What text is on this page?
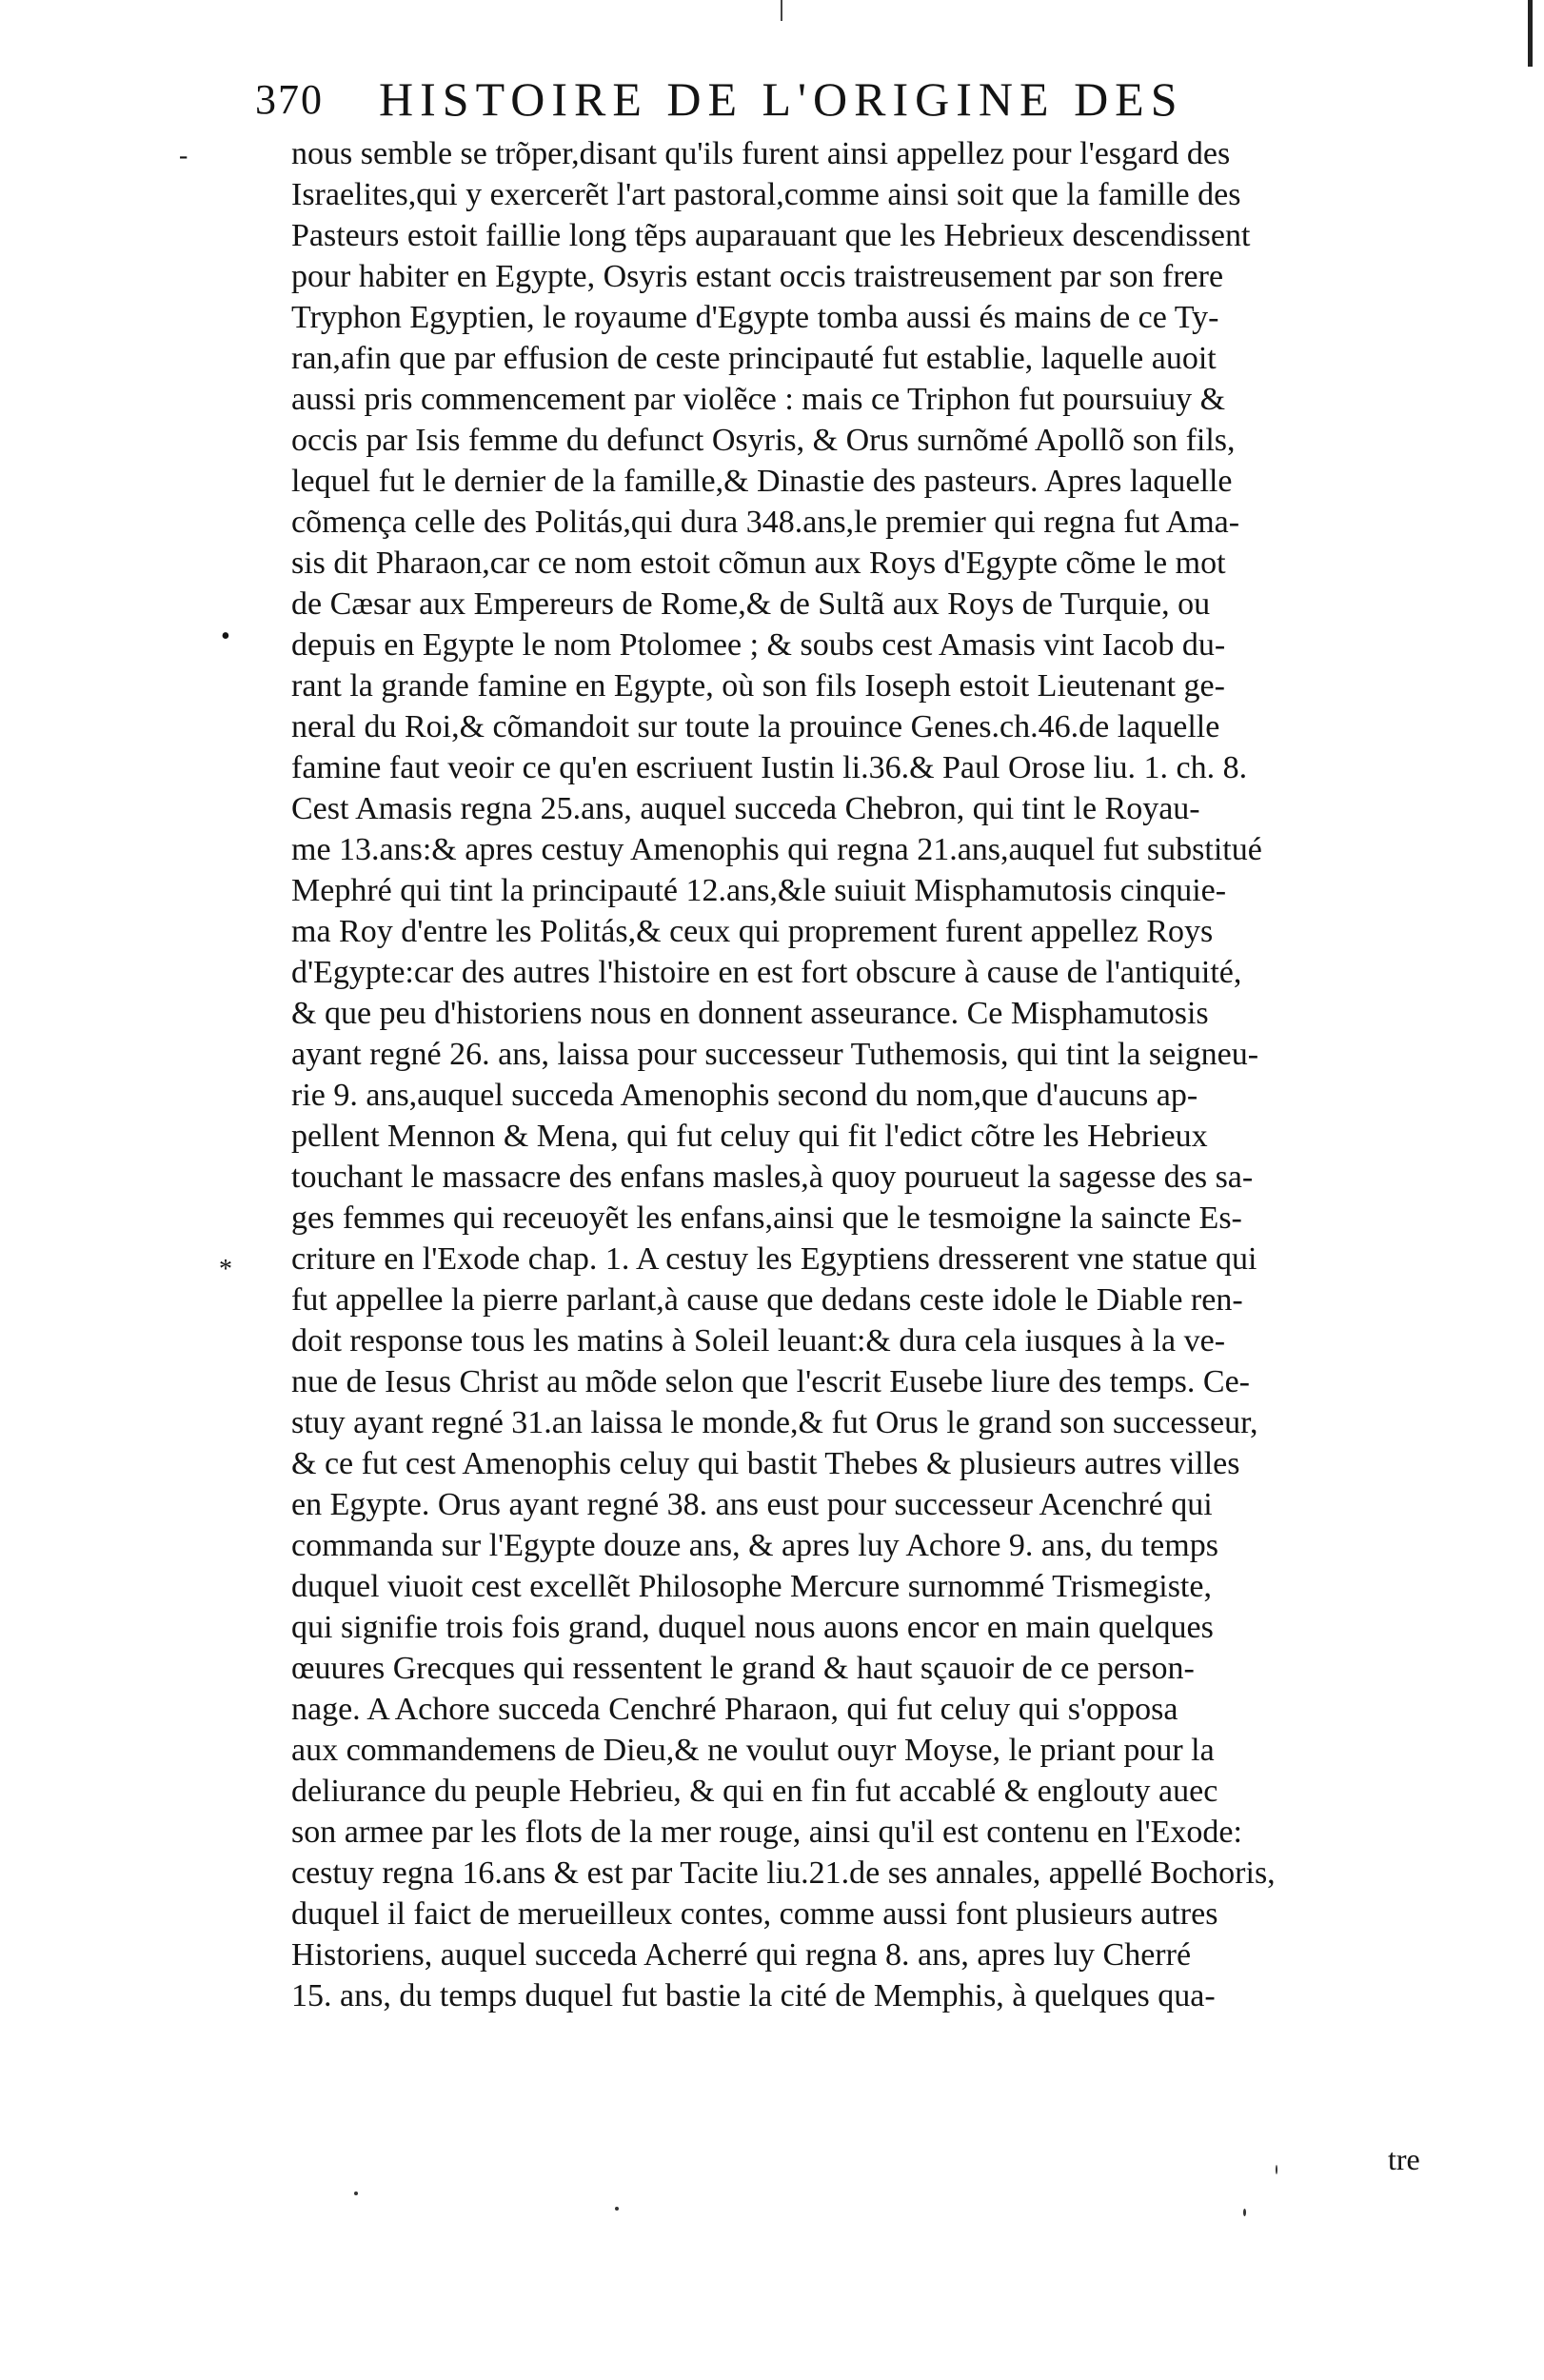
370	HISTOIRE DE L'ORIGINE DES
-
•
*
nous semble se trõper,disant qu'ils furent ainsi appellez pour l'esgard des
Israelites,qui y exercerẽt l'art pastoral,comme ainsi soit que la famille des
Pasteurs estoit faillie long tẽps auparauant que les Hebrieux descendissent
pour habiter en Egypte, Osyris estant occis traistreusement par son frere
Tryphon Egyptien, le royaume d'Egypte tomba aussi és mains de ce Ty-
ran,afin que par effusion de ceste principauté fut establie, laquelle auoit
aussi pris commencement par violẽce : mais ce Triphon fut poursuiuy &
occis par Isis femme du defunct Osyris, & Orus surnõmé Apollõ son fils,
lequel fut le dernier de la famille,& Dinastie des pasteurs. Apres laquelle
cõmença celle des Politás,qui dura 348.ans,le premier qui regna fut Ama-
sis dit Pharaon,car ce nom estoit cõmun aux Roys d'Egypte cõme le mot
de Cæsar aux Empereurs de Rome,& de Sultã aux Roys de Turquie, ou
depuis en Egypte le nom Ptolomee ; & soubs cest Amasis vint Iacob du-
rant la grande famine en Egypte, où son fils Ioseph estoit Lieutenant ge-
neral du Roi,& cõmandoit sur toute la prouince Genes.ch.46.de laquelle
famine faut veoir ce qu'en escriuent Iustin li.36.& Paul Orose liu. 1. ch. 8.
Cest Amasis regna 25.ans, auquel succeda Chebron, qui tint le Royau-
me 13.ans:& apres cestuy Amenophis qui regna 21.ans,auquel fut substitué
Mephré qui tint la principauté 12.ans,&le suiuit Misphamutosis cinquie-
ma Roy d'entre les Politás,& ceux qui proprement furent appellez Roys
d'Egypte:car des autres l'histoire en est fort obscure à cause de l'antiquité,
& que peu d'historiens nous en donnent asseurance. Ce Misphamutosis
ayant regné 26. ans, laissa pour successeur Tuthemosis, qui tint la seigneu-
rie 9. ans,auquel succeda Amenophis second du nom,que d'aucuns ap-
pellent Mennon & Mena, qui fut celuy qui fit l'edict cõtre les Hebrieux
touchant le massacre des enfans masles,à quoy pourueut la sagesse des sa-
ges femmes qui receuoyẽt les enfans,ainsi que le tesmoigne la saincte Es-
criture en l'Exode chap. 1. A cestuy les Egyptiens dresserent vne statue qui
fut appellee la pierre parlant,à cause que dedans ceste idole le Diable ren-
doit response tous les matins à Soleil leuant:& dura cela iusques à la ve-
nue de Iesus Christ au mõde selon que l'escrit Eusebe liure des temps. Ce-
stuy ayant regné 31.an laissa le monde,& fut Orus le grand son successeur,
& ce fut cest Amenophis celuy qui bastit Thebes & plusieurs autres villes
en Egypte. Orus ayant regné 38. ans eust pour successeur Acenchré qui
commanda sur l'Egypte douze ans, & apres luy Achore 9. ans, du temps
duquel viuoit cest excellẽt Philosophe Mercure surnommé Trismegiste,
qui signifie trois fois grand, duquel nous auons encor en main quelques
œuures Grecques qui ressentent le grand & haut sçauoir de ce person-
nage. A Achore succeda Cenchré Pharaon, qui fut celuy qui s'opposa
aux commandemens de Dieu,& ne voulut ouyr Moyse, le priant pour la
deliurance du peuple Hebrieu, & qui en fin fut accablé & englouty auec
son armee par les flots de la mer rouge, ainsi qu'il est contenu en l'Exode:
cestuy regna 16.ans & est par Tacite liu.21.de ses annales, appellé Bochoris,
duquel il faict de merueilleux contes, comme aussi font plusieurs autres
Historiens, auquel succeda Acherré qui regna 8. ans, apres luy Cherré
15. ans, du temps duquel fut bastie la cité de Memphis, à quelques qua-
tre
